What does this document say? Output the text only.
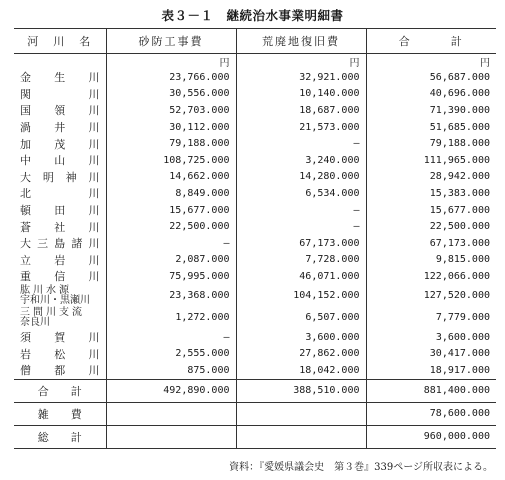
表３－１　継続治水事業明細書
河　川　名	砂防工事費	荒廃地復旧費	合　　　計
	円	円	円

金 生 川	23,766.000	32,921.000	56,687.000

関 川	30,556.000	10,140.000	40,696.000

国 領 川	52,703.000	18,687.000	71,390.000

渦 井 川	30,112.000	21,573.000	51,685.000

加 茂 川	79,188.000	—	79,188.000

中 山 川	108,725.000	3,240.000	111,965.000

大 明 神 川	14,662.000	14,280.000	28,942.000

北 川	8,849.000	6,534.000	15,383.000

頓 田 川	15,677.000	—	15,677.000

蒼 社 川	22,500.000	—	22,500.000

大 三 島 諸 川	—	67,173.000	67,173.000

立 岩 川	2,087.000	7,728.000	9,815.000

重 信 川	75,995.000	46,071.000	122,066.000

肱川水源
宇和川・黒瀬川	23,368.000	104,152.000	127,520.000

三間川支流
奈良川	1,272.000	6,507.000	7,779.000

須 賀 川	—	3,600.000	3,600.000

岩 松 川	2,555.000	27,862.000	30,417.000

僧 都 川	875.000	18,042.000	18,917.000
合　　計	492,890.000	388,510.000	881,400.000
雑　　費			78,600.000
総　　計			960,000.000
資料：『愛媛県議会史　第３巻』339ページ所収表による。
